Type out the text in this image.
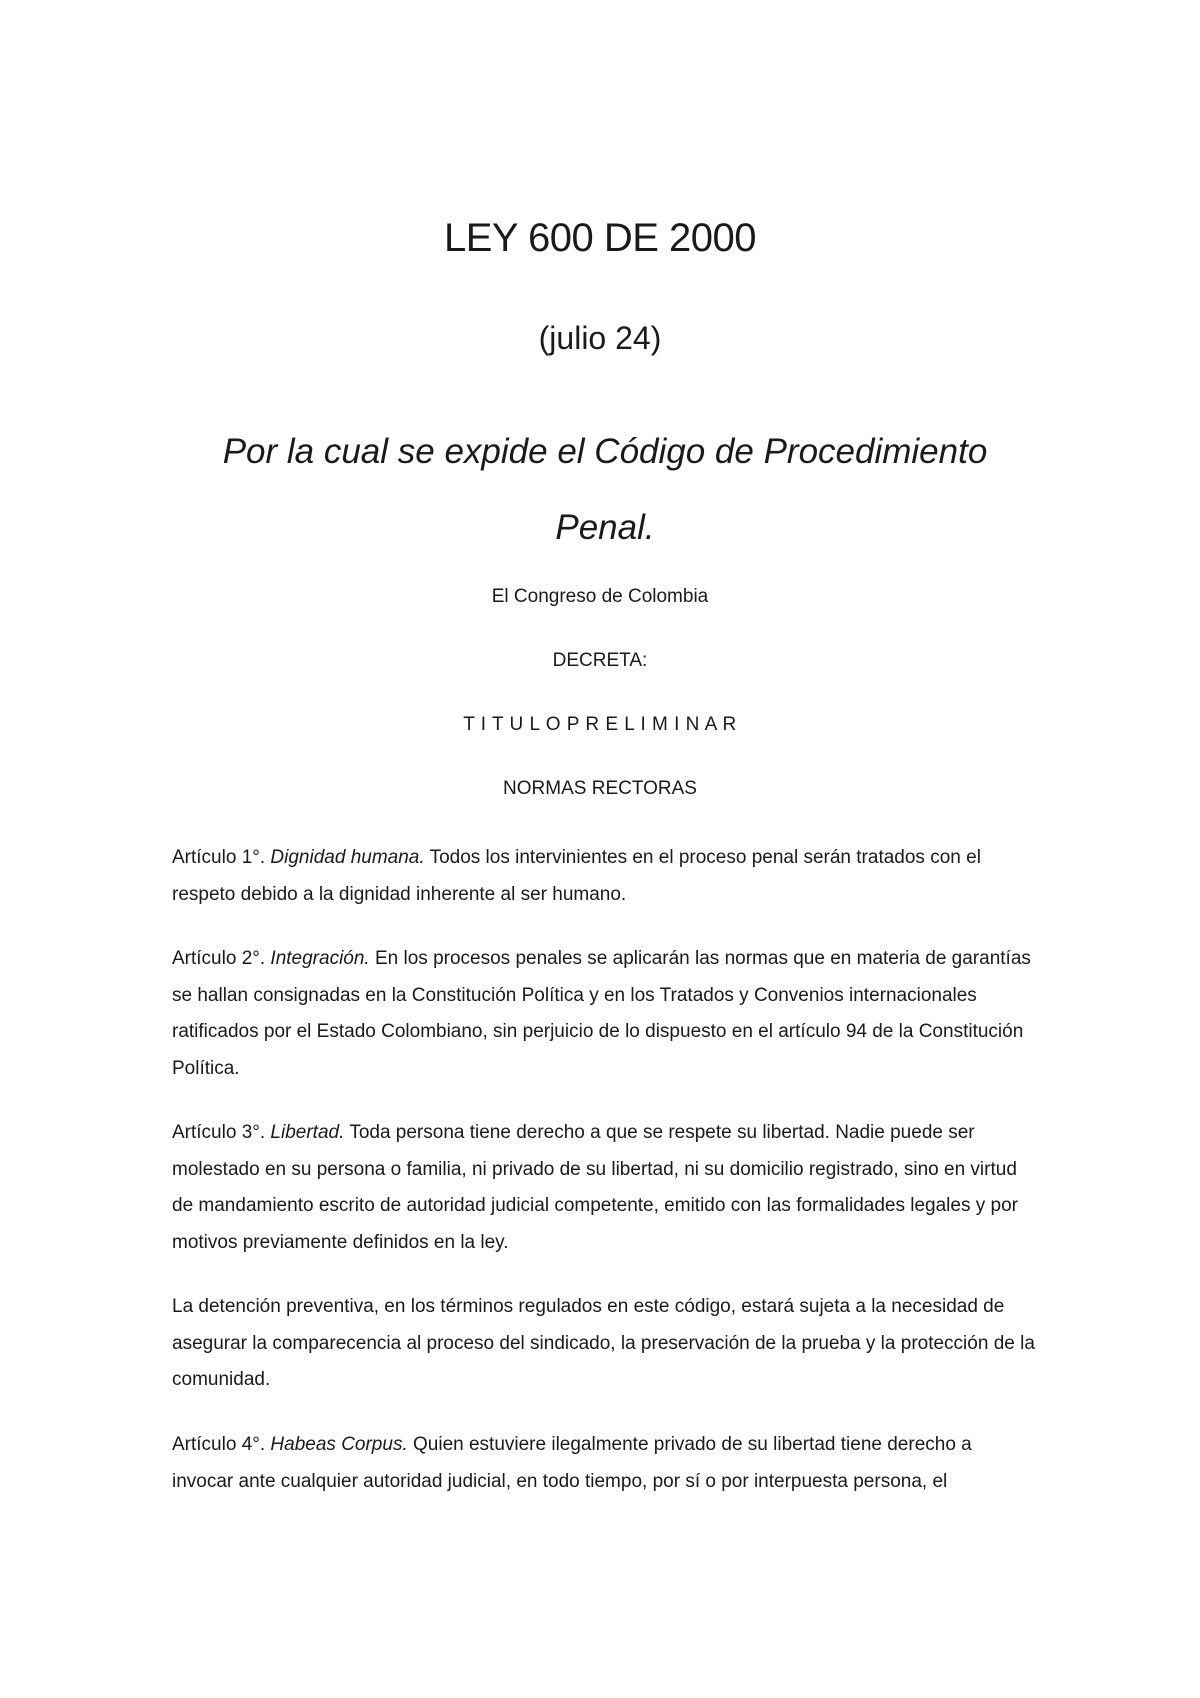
LEY 600 DE 2000

(julio 24)

Por la cual se expide el Código de Procedimiento Penal.

El Congreso de Colombia

DECRETA:

T I T U L O P R E L I M I N A R

NORMAS RECTORAS

Artículo 1°. Dignidad humana. Todos los intervinientes en el proceso penal serán tratados con el respeto debido a la dignidad inherente al ser humano.

Artículo 2°. Integración. En los procesos penales se aplicarán las normas que en materia de garantías se hallan consignadas en la Constitución Política y en los Tratados y Convenios internacionales ratificados por el Estado Colombiano, sin perjuicio de lo dispuesto en el artículo 94 de la Constitución Política.

Artículo 3°. Libertad. Toda persona tiene derecho a que se respete su libertad. Nadie puede ser molestado en su persona o familia, ni privado de su libertad, ni su domicilio registrado, sino en virtud de mandamiento escrito de autoridad judicial competente, emitido con las formalidades legales y por motivos previamente definidos en la ley.

La detención preventiva, en los términos regulados en este código, estará sujeta a la necesidad de asegurar la comparecencia al proceso del sindicado, la preservación de la prueba y la protección de la comunidad.

Artículo 4°. Habeas Corpus. Quien estuviere ilegalmente privado de su libertad tiene derecho a invocar ante cualquier autoridad judicial, en todo tiempo, por sí o por interpuesta persona, el
